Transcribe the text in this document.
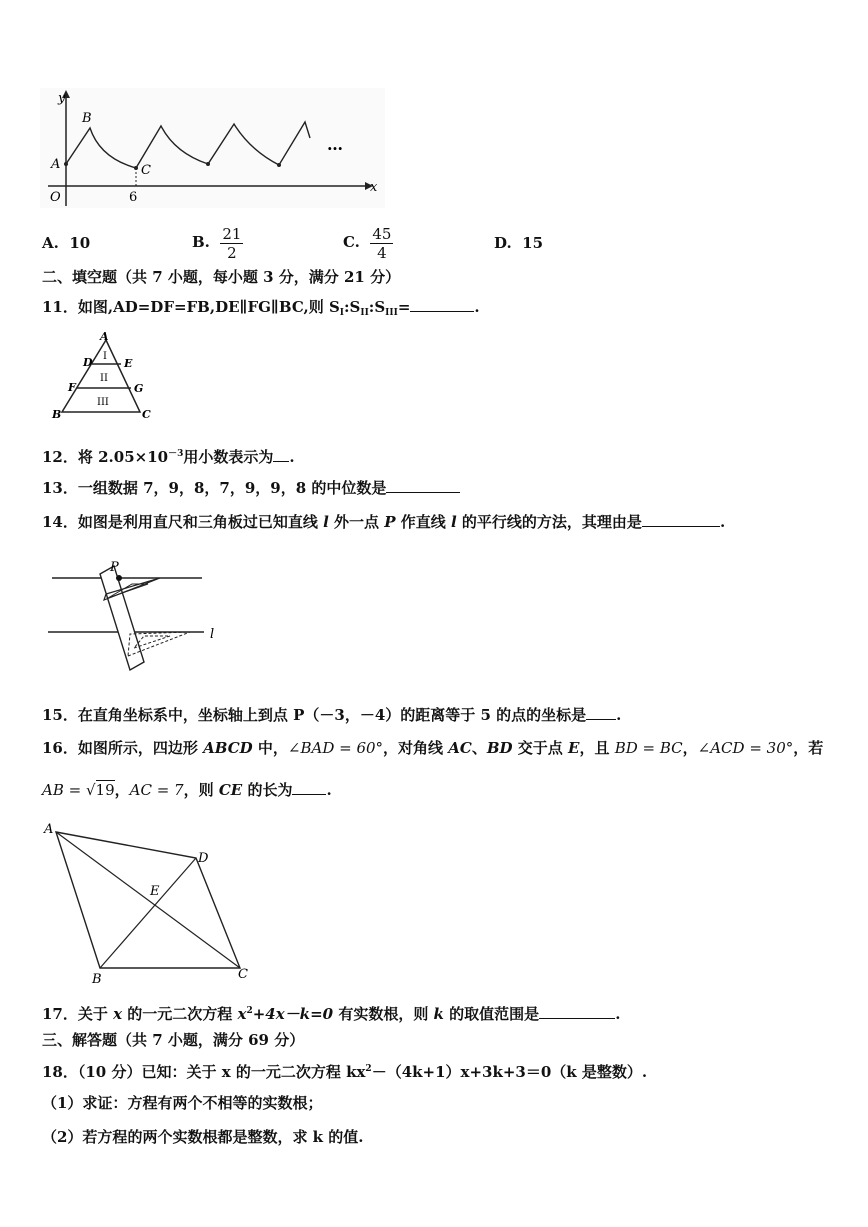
y
x
O
A
B
C
6
…
A. 10	B. $\frac{21}{2}$	C. $\frac{45}{4}$	D. 15
二、填空题（共 7 小题，每小题 3 分，满分 21 分）
11．如图,AD=DF=FB,DE∥FG∥BC,则 $S_I:S_{II}:S_{III}=$	.
A
D	E
F	G
B	C
I
II
III
12．将 $2.05\times 10^{-3}$用小数表示为 .
13．一组数据 7，9，8，7，9，9，8 的中位数是
14．如图是利用直尺和三角板过已知直线 l 外一点 P 作直线 l 的平行线的方法，其理由是	.
P
l
15．在直角坐标系中，坐标轴上到点 P（－3，－4）的距离等于 5 的点的坐标是 .
16．如图所示，四边形 ABCD 中，∠BAD = 60°，对角线 AC、BD 交于点 E，且 BD = BC，∠ACD = 30°，若
AB = √19，AC = 7，则 CE 的长为 .
A
D
E
B	C
17．关于 x 的一元二次方程 $x^2+4x-k=0$ 有实数根，则 k 的取值范围是	.
三、解答题（共 7 小题，满分 69 分）
18．（10 分）已知：关于 x 的一元二次方程 $kx^2-(4k+1)x+3k+3=0(k$ 是整数）.
（1）求证：方程有两个不相等的实数根；
（2）若方程的两个实数根都是整数，求 k 的值.
